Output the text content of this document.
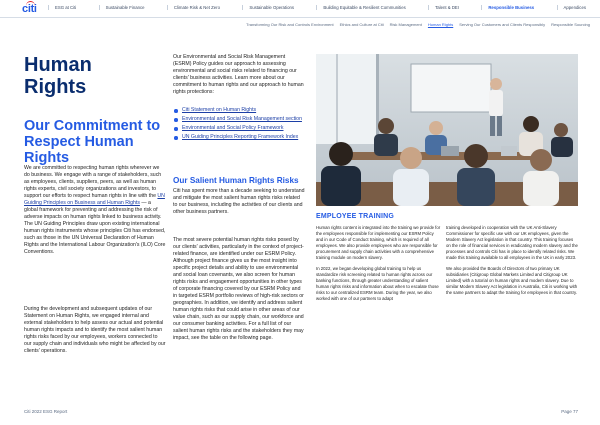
citi	ESG at Citi	Sustainable Finance	Climate Risk & Net Zero	Sustainable Operations	Building Equitable & Resilient Communities	Talent & DEI	Responsible Business	Appendices
Transforming Our Risk and Controls Environment Ethics and Culture at Citi Risk Management Human Rights Serving Our Customers and Clients Responsibly Responsible Sourcing
Human Rights
Our Commitment to Respect Human Rights

We are committed to respecting human rights wherever we do business. We engage with a range of stakeholders, such as employees, clients, suppliers, peers, as well as human rights experts, civil society organizations and investors, to support our efforts to respect human rights in line with the UN Guiding Principles on Business and Human Rights — a global framework for preventing and addressing the risk of adverse impacts on human rights linked to business activity. The UN Guiding Principles draw upon existing international human rights instruments whose principles Citi has endorsed, such as those in the UN Universal Declaration of Human Rights and the International Labour Organization's (ILO) Core Conventions.

During the development and subsequent updates of our Statement on Human Rights, we engaged internal and external stakeholders to help assess our actual and potential human rights impacts and to identify the most salient human rights risks faced by our employees, workers connected to our supply chain and individuals who might be affected by our clients' operations.

Our Environmental and Social Risk Management (ESRM) Policy guides our approach to assessing environmental and social risks related to financing our clients' business activities. Learn more about our commitment to human rights and our approach to human rights protections:

Citi Statement on Human Rights
Environmental and Social Risk Management section
Environmental and Social Policy Framework
UN Guiding Principles Reporting Framework Index
Our Salient Human Rights Risks

Citi has spent more than a decade seeking to understand and mitigate the most salient human rights risks related to our business, including the activities of our clients and other business partners.

The most severe potential human rights risks posed by our clients' activities, particularly in the context of project-related finance, are identified under our ESRM Policy. Although project finance gives us the most insight into specific project details and ability to use environmental and social loan covenants, we also screen for human rights risks and engagement opportunities in other types of corporate financing covered by our ESRM Policy and in targeted ESRM portfolio reviews of high-risk sectors or geographies. In addition, we identify and address salient human rights risks that could arise in other areas of our value chain, such as our supply chain, our workforce and our consumer banking activities. For a full list of our salient human rights risks and the stakeholders they may impact, see the table on the following page.

EMPLOYEE TRAINING

Human rights content is integrated into the training we provide for the employees responsible for implementing our ESRM Policy and in our Code of Conduct training, which is required of all employees. We also provide employees who are responsible for procurement and supply chain activities with a comprehensive training module on modern slavery.

In 2022, we began developing global training to help us standardize risk screening related to human rights across our banking functions, through greater understanding of salient human rights risks and information about when to escalate those risks to our centralized ESRM team. During the year, we also worked with one of our partners to adapt

training developed in cooperation with the UK Anti-Slavery Commissioner for specific use with our UK employees, given the Modern Slavery Act legislation in that country. This training focuses on the role of financial services in eradicating modern slavery and the processes and controls Citi has in place to identify related risks. We made this training available to all employees in the UK in early 2023.

We also provided the Boards of Directors of two primary UK subsidiaries (Citigroup Global Markets Limited and Citigroup UK Limited) with a tutorial on human rights and modern slavery. Due to similar Modern Slavery Act legislation in Australia, Citi is working with the same partners to adapt the training for employees in that country.

Citi 2022 ESG Report	Page 77
